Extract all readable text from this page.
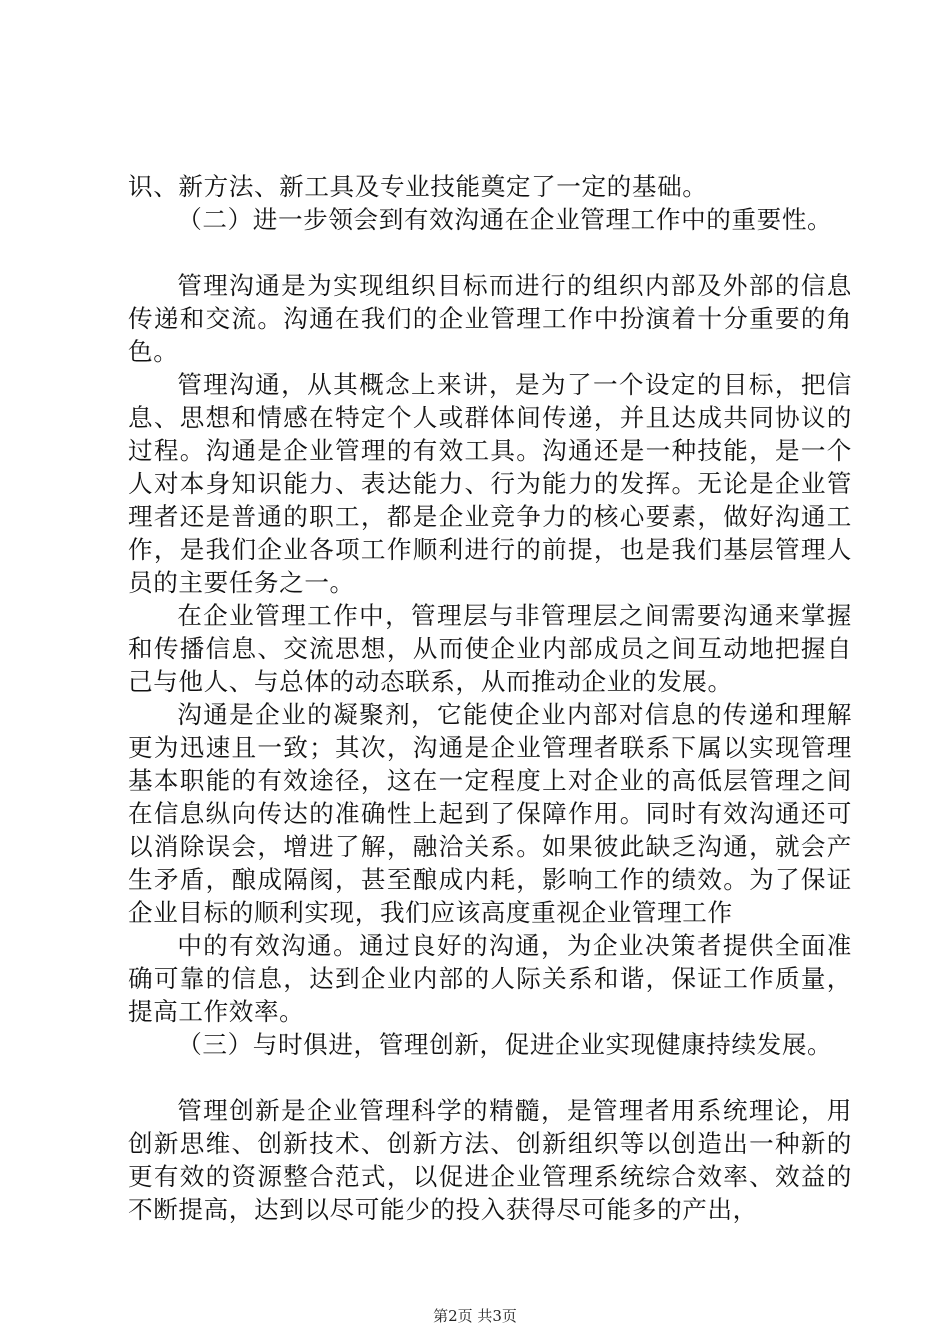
识、新方法、新工具及专业技能奠定了一定的基础。

（二）进一步领会到有效沟通在企业管理工作中的重要性。

管理沟通是为实现组织目标而进行的组织内部及外部的信息传递和交流。沟通在我们的企业管理工作中扮演着十分重要的角色。

管理沟通，从其概念上来讲，是为了一个设定的目标，把信息、思想和情感在特定个人或群体间传递，并且达成共同协议的过程。沟通是企业管理的有效工具。沟通还是一种技能，是一个人对本身知识能力、表达能力、行为能力的发挥。无论是企业管理者还是普通的职工，都是企业竞争力的核心要素，做好沟通工作，是我们企业各项工作顺利进行的前提，也是我们基层管理人员的主要任务之一。

在企业管理工作中，管理层与非管理层之间需要沟通来掌握和传播信息、交流思想，从而使企业内部成员之间互动地把握自己与他人、与总体的动态联系，从而推动企业的发展。

沟通是企业的凝聚剂，它能使企业内部对信息的传递和理解更为迅速且一致；其次，沟通是企业管理者联系下属以实现管理基本职能的有效途径，这在一定程度上对企业的高低层管理之间在信息纵向传达的准确性上起到了保障作用。同时有效沟通还可以消除误会，增进了解，融洽关系。如果彼此缺乏沟通，就会产生矛盾，酿成隔阂，甚至酿成内耗，影响工作的绩效。为了保证企业目标的顺利实现，我们应该高度重视企业管理工作

中的有效沟通。通过良好的沟通，为企业决策者提供全面准确可靠的信息，达到企业内部的人际关系和谐，保证工作质量，提高工作效率。

（三）与时俱进，管理创新，促进企业实现健康持续发展。

管理创新是企业管理科学的精髓，是管理者用系统理论，用创新思维、创新技术、创新方法、创新组织等以创造出一种新的更有效的资源整合范式，以促进企业管理系统综合效率、效益的不断提高，达到以尽可能少的投入获得尽可能多的产出，

第2页 共3页
